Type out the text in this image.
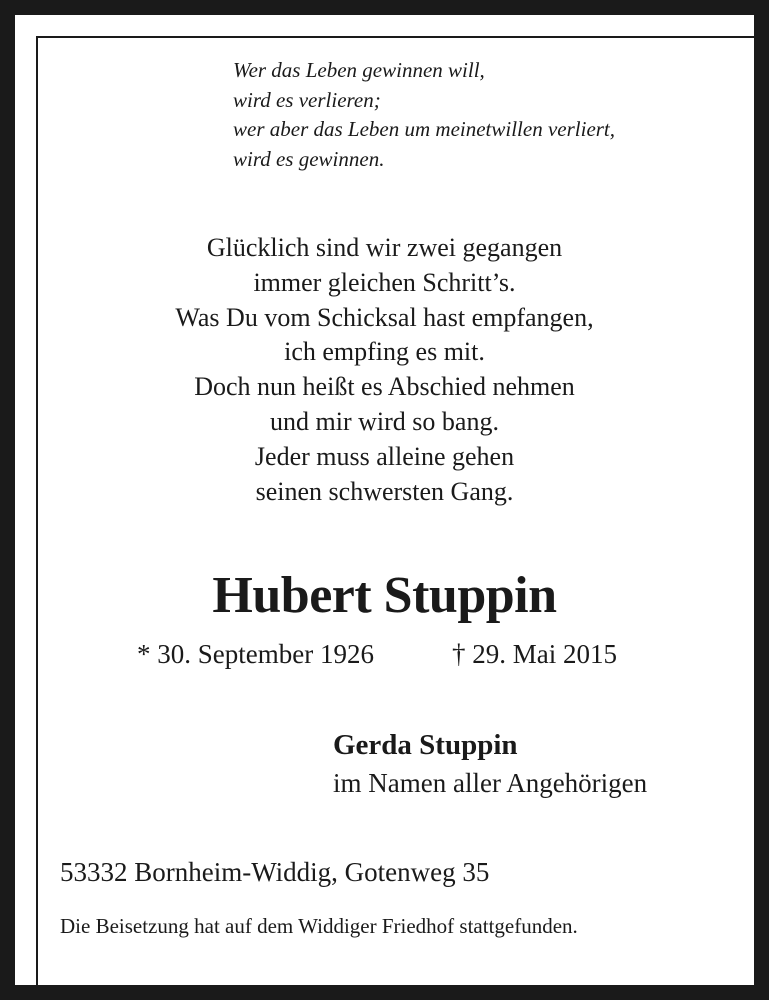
Wer das Leben gewinnen will,
wird es verlieren;
wer aber das Leben um meinetwillen verliert,
wird es gewinnen.
Glücklich sind wir zwei gegangen
immer gleichen Schritt’s.
Was Du vom Schicksal hast empfangen,
ich empfing es mit.
Doch nun heißt es Abschied nehmen
und mir wird so bang.
Jeder muss alleine gehen
seinen schwersten Gang.
Hubert Stuppin
* 30. September 1926	† 29. Mai 2015
Gerda Stuppin
im Namen aller Angehörigen
53332 Bornheim-Widdig, Gotenweg 35
Die Beisetzung hat auf dem Widdiger Friedhof stattgefunden.
